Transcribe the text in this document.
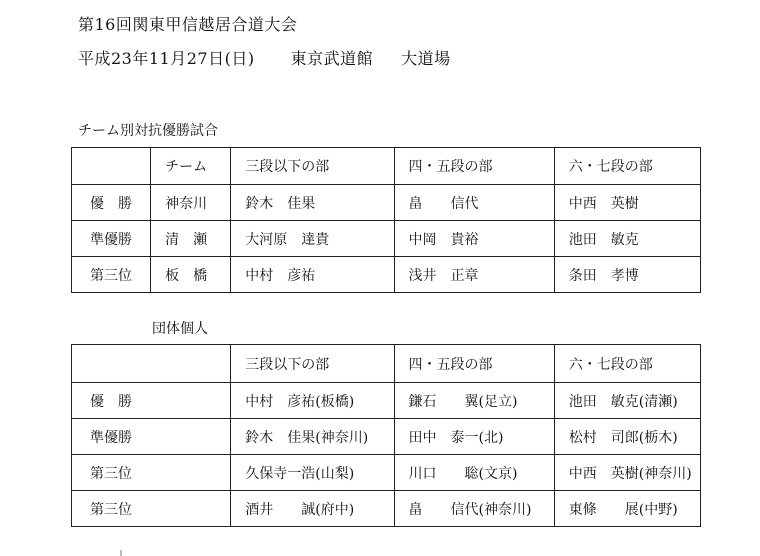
第16回関東甲信越居合道大会
平成23年11月27日(日) 東京武道館 大道場
チーム別対抗優勝試合
	チーム	三段以下の部	四・五段の部	六・七段の部
優　勝	神奈川	鈴木　佳果	畠　　信代	中西　英樹
準優勝	清　瀬	大河原　達貴	中岡　貴裕	池田　敏克
第三位	板　橋	中村　彦祐	浅井　正章	条田　孝博
団体個人
	三段以下の部	四・五段の部	六・七段の部
優　勝	中村　彦祐(板橋)	鎌石　　翼(足立)	池田　敏克(清瀬)
準優勝	鈴木　佳果(神奈川)	田中　泰一(北)	松村　司郎(栃木)
第三位	久保寺一浩(山梨)	川口　　聡(文京)	中西　英樹(神奈川)
第三位	酒井　　誠(府中)	畠　　信代(神奈川)	東條　　展(中野)
